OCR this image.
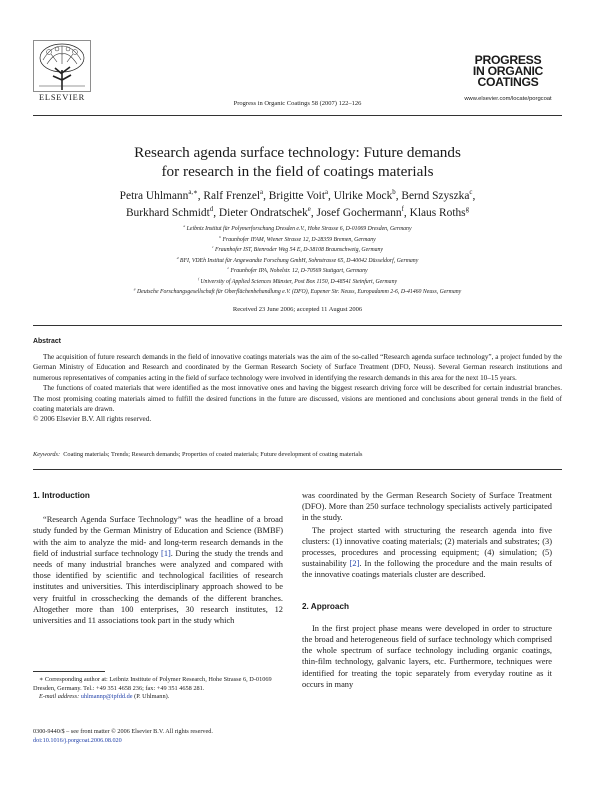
ELSEVIER
Progress in Organic Coatings 58 (2007) 122–126
PROGRESS
IN ORGANIC
COATINGS
www.elsevier.com/locate/porgcoat
Research agenda surface technology: Future demands
for research in the field of coatings materials
Petra Uhlmann$^{a,∗}$, Ralf Frenzel$^a$, Brigitte Voit$^a$, Ulrike Mock$^b$, Bernd Szyszka$^c$,
Burkhard Schmidt$^d$, Dieter Ondratschek$^e$, Josef Gochermann$^f$, Klaus Roths$^g$
$^a$ Leibniz Institut für Polymerforschung Dresden e.V., Hohe Strasse 6, D-01069 Dresden, Germany
$^b$ Fraunhofer IFAM, Wiener Strasse 12, D-28359 Bremen, Germany
$^c$ Fraunhofer IST, Bienroder Weg 54 E, D-38108 Braunschweig, Germany
$^d$ BFI, VDEh Institut für Angewandte Forschung GmbH, Sohnstrasse 65, D-40042 Düsseldorf, Germany
$^e$ Fraunhofer IPA, Nobelstr. 12, D-70569 Stuttgart, Germany
$^f$ University of Applied Sciences Münster, Post Box 1150, D-48541 Steinfurt, Germany
$^g$ Deutsche Forschungsgesellschaft für Oberflächenbehandlung e.V. (DFO), Eupener Str. Neuss, Europadamm 2-6, D-41460 Neuss, Germany
Received 23 June 2006; accepted 11 August 2006
Abstract

The acquisition of future research demands in the field of innovative coatings materials was the aim of the so-called “Research agenda surface technology”, a project funded by the German Ministry of Education and Research and coordinated by the German Research Society of Surface Treatment (DFO, Neuss). Several German research institutions and numerous representatives of companies acting in the field of surface technology were involved in identifying the research demands in this area for the next 10–15 years.

The functions of coated materials that were identified as the most innovative ones and having the biggest research driving force will be described for certain industrial branches. The most promising coating materials aimed to fulfill the desired functions in the future are discussed, visions are mentioned and conclusions about general trends in the field of coating materials are drawn.

© 2006 Elsevier B.V. All rights reserved.

Keywords: Coating materials; Trends; Research demands; Properties of coated materials; Future development of coating materials
1. Introduction

“Research Agenda Surface Technology” was the headline of a broad study funded by the German Ministry of Education and Science (BMBF) with the aim to analyze the mid- and long-term research demands in the field of industrial surface technology [1]. During the study the trends and needs of many industrial branches were analyzed and compared with those identified by scientific and technological facilities of research institutes and universities. This interdisciplinary approach showed to be very fruitful in crosschecking the demands of the different branches. Altogether more than 100 enterprises, 30 research institutes, 12 universities and 11 associations took part in the study which

was coordinated by the German Research Society of Surface Treatment (DFO). More than 250 surface technology specialists actively participated in the study.

The project started with structuring the research agenda into five clusters: (1) innovative coating materials; (2) materials and substrates; (3) processes, procedures and processing equipment; (4) simulation; (5) sustainability [2]. In the following the procedure and the main results of the innovative coatings materials cluster are described.

2. Approach

In the first project phase means were developed in order to structure the broad and heterogeneous field of surface technology which comprised the whole spectrum of surface technology including organic coatings, thin-film technology, galvanic layers, etc. Furthermore, techniques were identified for treating the topic separately from everyday routine as it occurs in many

∗ Corresponding author at: Leibniz Institute of Polymer Research, Hohe Strasse 6, D-01069 Dresden, Germany. Tel.: +49 351 4658 236; fax: +49 351 4658 281.

E-mail address: uhlmannp@ipfdd.de (P. Uhlmann).

0300-9440/$ – see front matter © 2006 Elsevier B.V. All rights reserved.
doi:10.1016/j.porgcoat.2006.08.020
